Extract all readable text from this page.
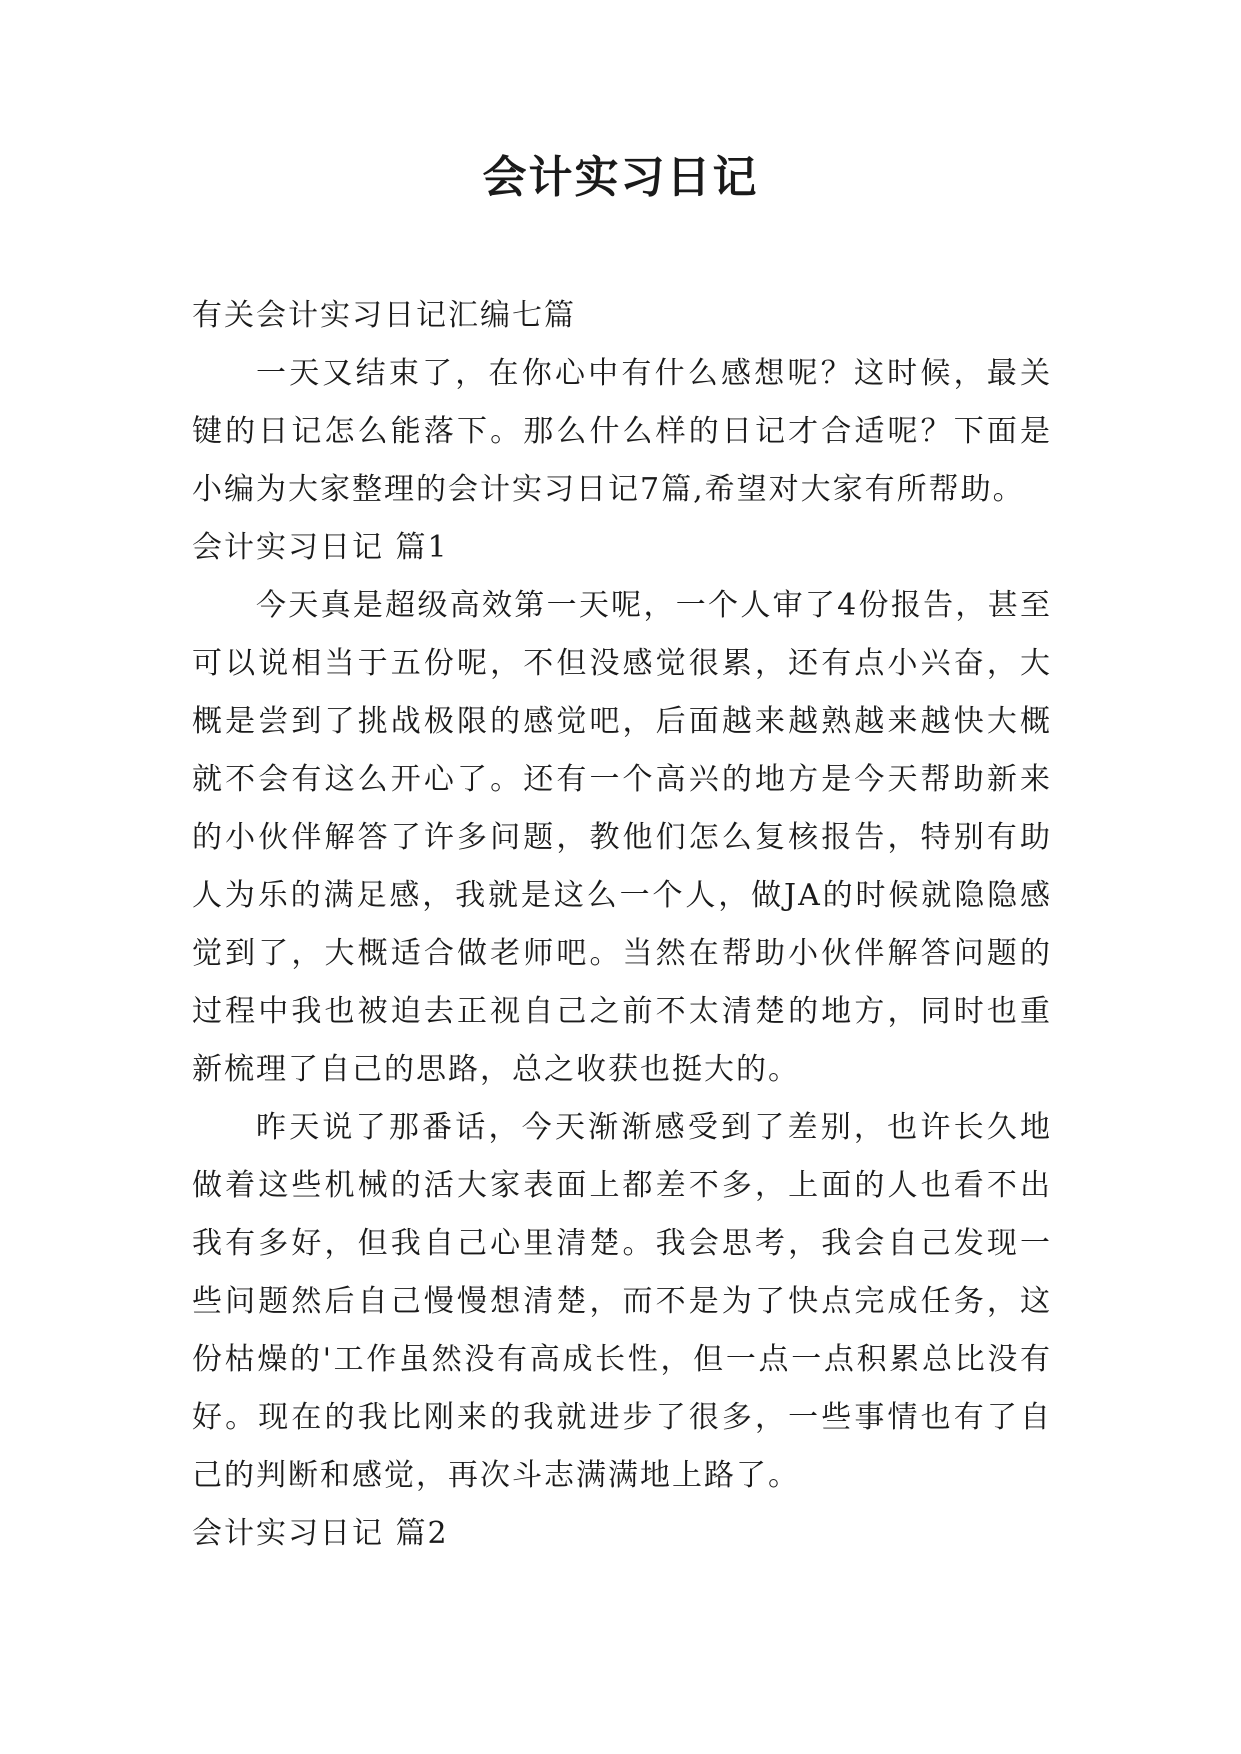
会计实习日记

有关会计实习日记汇编七篇

一天又结束了，在你心中有什么感想呢？这时候，最关键的日记怎么能落下。那么什么样的日记才合适呢？下面是小编为大家整理的会计实习日记7篇,希望对大家有所帮助。

会计实习日记 篇1

今天真是超级高效第一天呢，一个人审了4份报告，甚至可以说相当于五份呢，不但没感觉很累，还有点小兴奋，大概是尝到了挑战极限的感觉吧，后面越来越熟越来越快大概就不会有这么开心了。还有一个高兴的地方是今天帮助新来的小伙伴解答了许多问题，教他们怎么复核报告，特别有助人为乐的满足感，我就是这么一个人，做JA的时候就隐隐感觉到了，大概适合做老师吧。当然在帮助小伙伴解答问题的过程中我也被迫去正视自己之前不太清楚的地方，同时也重新梳理了自己的思路，总之收获也挺大的。

昨天说了那番话，今天渐渐感受到了差别，也许长久地做着这些机械的活大家表面上都差不多，上面的人也看不出我有多好，但我自己心里清楚。我会思考，我会自己发现一些问题然后自己慢慢想清楚，而不是为了快点完成任务，这份枯燥的'工作虽然没有高成长性，但一点一点积累总比没有好。现在的我比刚来的我就进步了很多，一些事情也有了自己的判断和感觉，再次斗志满满地上路了。

会计实习日记 篇2
